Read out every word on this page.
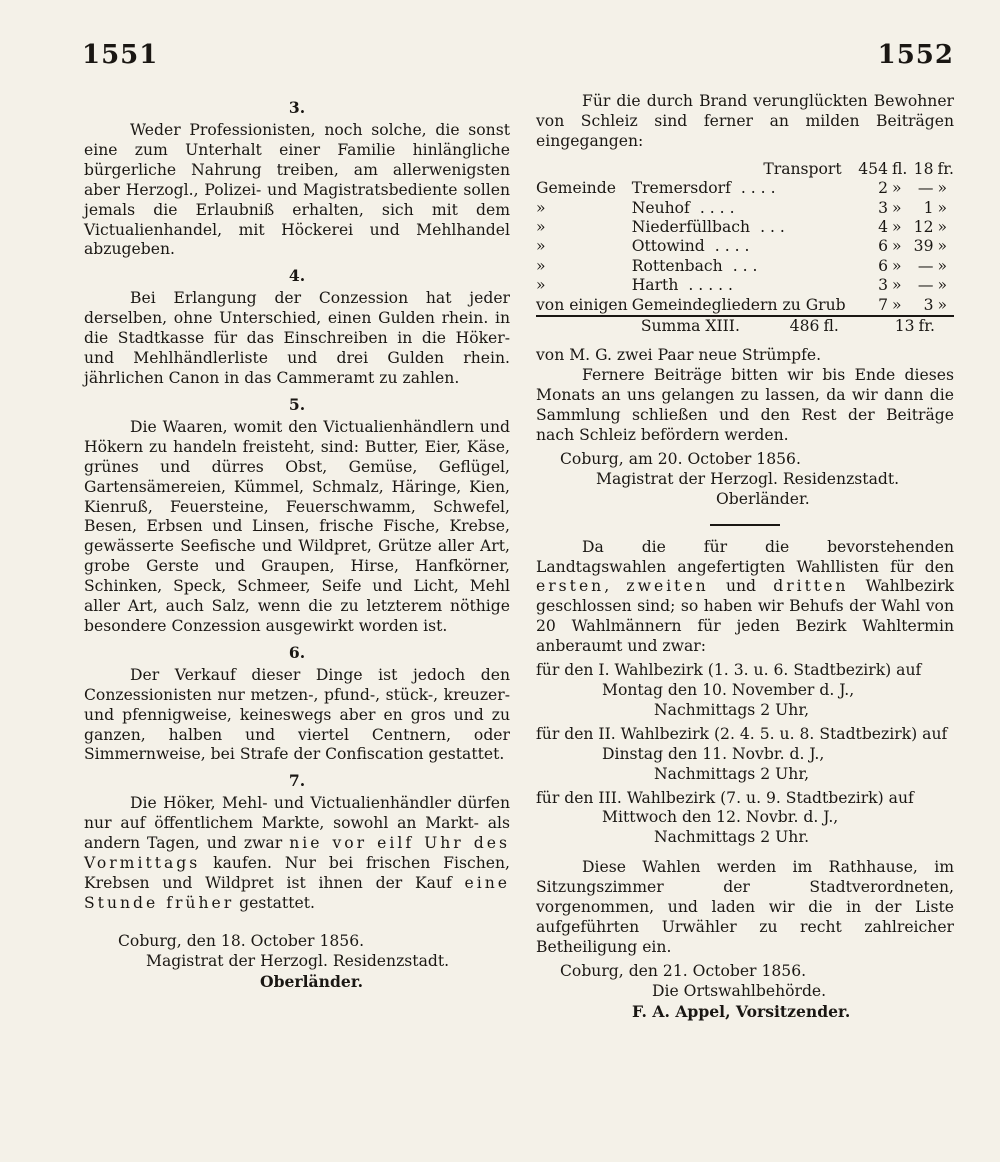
1551	1552
3.

Weder Professionisten, noch solche, die sonst eine zum Unterhalt einer Familie hinlängliche bürgerliche Nahrung treiben, am allerwenigsten aber Herzogl., Polizei- und Magistratsbediente sollen jemals die Erlaubniß erhalten, sich mit dem Victualienhandel, mit Höckerei und Mehlhandel abzugeben.

4.

Bei Erlangung der Conzession hat jeder derselben, ohne Unterschied, einen Gulden rhein. in die Stadtkasse für das Einschreiben in die Höker- und Mehlhändlerliste und drei Gulden rhein. jährlichen Canon in das Cammeramt zu zahlen.

5.

Die Waaren, womit den Victualienhändlern und Hökern zu handeln freisteht, sind: Butter, Eier, Käse, grünes und dürres Obst, Gemüse, Geflügel, Gartensämereien, Kümmel, Schmalz, Häringe, Kien, Kienruß, Feuersteine, Feuerschwamm, Schwefel, Besen, Erbsen und Linsen, frische Fische, Krebse, gewässerte Seefische und Wildpret, Grütze aller Art, grobe Gerste und Graupen, Hirse, Hanfkörner, Schinken, Speck, Schmeer, Seife und Licht, Mehl aller Art, auch Salz, wenn die zu letzterem nöthige besondere Conzession ausgewirkt worden ist.

6.

Der Verkauf dieser Dinge ist jedoch den Conzessionisten nur metzen-, pfund-, stück-, kreuzer- und pfennigweise, keineswegs aber en gros und zu ganzen, halben und viertel Centnern, oder Simmernweise, bei Strafe der Confiscation gestattet.

7.

Die Höker, Mehl- und Victualienhändler dürfen nur auf öffentlichem Markte, sowohl an Markt- als andern Tagen, und zwar nie vor eilf Uhr des Vormittags kaufen. Nur bei frischen Fischen, Krebsen und Wildpret ist ihnen der Kauf eine Stunde früher gestattet.

Coburg, den 18. October 1856.
Magistrat der Herzogl. Residenzstadt.
Oberländer.

Für die durch Brand verunglückten Bewohner von Schleiz sind ferner an milden Beiträgen eingegangen:

Transport		454	fl.	18	fr.
Gemeinde	Tremersdorf . . . .	2	»	—	»
»	Neuhof . . . .	3	»	1	»
»	Niederfüllbach . . .	4	»	12	»
»	Ottowind . . . .	6	»	39	»
»	Rottenbach . . .	6	»	—	»
»	Harth . . . . .	3	»	—	»
von einigen	Gemeindegliedern zu Grub	7	»	3	»
Summa XIII.	486	fl.	13	fr.

von M. G. zwei Paar neue Strümpfe.

Fernere Beiträge bitten wir bis Ende dieses Monats an uns gelangen zu lassen, da wir dann die Sammlung schließen und den Rest der Beiträge nach Schleiz befördern werden.

Coburg, am 20. October 1856.
Magistrat der Herzogl. Residenzstadt.
Oberländer.

Da die für die bevorstehenden Landtagswahlen angefertigten Wahllisten für den ersten, zweiten und dritten Wahlbezirk geschlossen sind; so haben wir Behufs der Wahl von 20 Wahlmännern für jeden Bezirk Wahltermin anberaumt und zwar:

für den I. Wahlbezirk (1. 3. u. 6. Stadtbezirk) auf

Montag den 10. November d. J.,
Nachmittags 2 Uhr,

für den II. Wahlbezirk (2. 4. 5. u. 8. Stadtbezirk) auf

Dinstag den 11. Novbr. d. J.,
Nachmittags 2 Uhr,

für den III. Wahlbezirk (7. u. 9. Stadtbezirk) auf

Mittwoch den 12. Novbr. d. J.,
Nachmittags 2 Uhr.

Diese Wahlen werden im Rathhause, im Sitzungszimmer der Stadtverordneten, vorgenommen, und laden wir die in der Liste aufgeführten Urwähler zu recht zahlreicher Betheiligung ein.

Coburg, den 21. October 1856.
Die Ortswahlbehörde.
F. A. Appel, Vorsitzender.
